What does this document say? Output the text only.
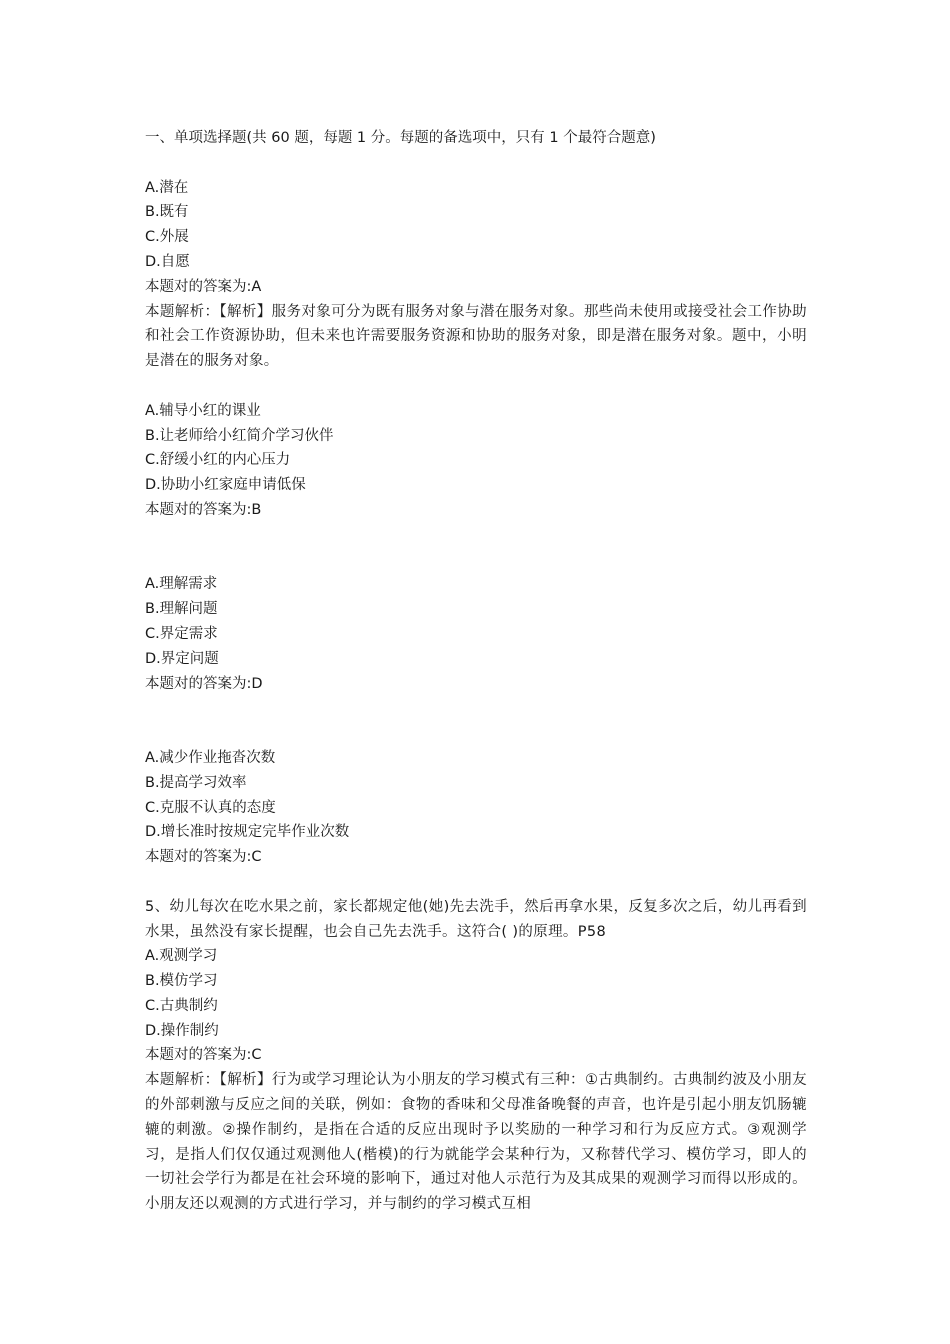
一、单项选择题(共 60 题，每题 1 分。每题的备选项中，只有 1 个最符合题意)
A.潜在
B.既有
C.外展
D.自愿
本题对的答案为:A
本题解析：【解析】服务对象可分为既有服务对象与潜在服务对象。那些尚未使用或接受社会工作协助和社会工作资源协助，但未来也许需要服务资源和协助的服务对象，即是潜在服务对象。题中，小明是潜在的服务对象。
A.辅导小红的课业
B.让老师给小红简介学习伙伴
C.舒缓小红的内心压力
D.协助小红家庭申请低保
本题对的答案为:B
A.理解需求
B.理解问题
C.界定需求
D.界定问题
本题对的答案为:D
A.减少作业拖沓次数
B.提高学习效率
C.克服不认真的态度
D.增长准时按规定完毕作业次数
本题对的答案为:C
5、幼儿每次在吃水果之前，家长都规定他(她)先去洗手，然后再拿水果，反复多次之后，幼儿再看到水果，虽然没有家长提醒，也会自己先去洗手。这符合( )的原理。P58
A.观测学习
B.模仿学习
C.古典制约
D.操作制约
本题对的答案为:C
本题解析：【解析】行为或学习理论认为小朋友的学习模式有三种：①古典制约。古典制约波及小朋友的外部刺激与反应之间的关联，例如：食物的香味和父母准备晚餐的声音，也许是引起小朋友饥肠辘辘的刺激。②操作制约，是指在合适的反应出现时予以奖励的一种学习和行为反应方式。③观测学习，是指人们仅仅通过观测他人(楷模)的行为就能学会某种行为，又称替代学习、模仿学习，即人的一切社会学行为都是在社会环境的影响下，通过对他人示范行为及其成果的观测学习而得以形成的。小朋友还以观测的方式进行学习，并与制约的学习模式互相
